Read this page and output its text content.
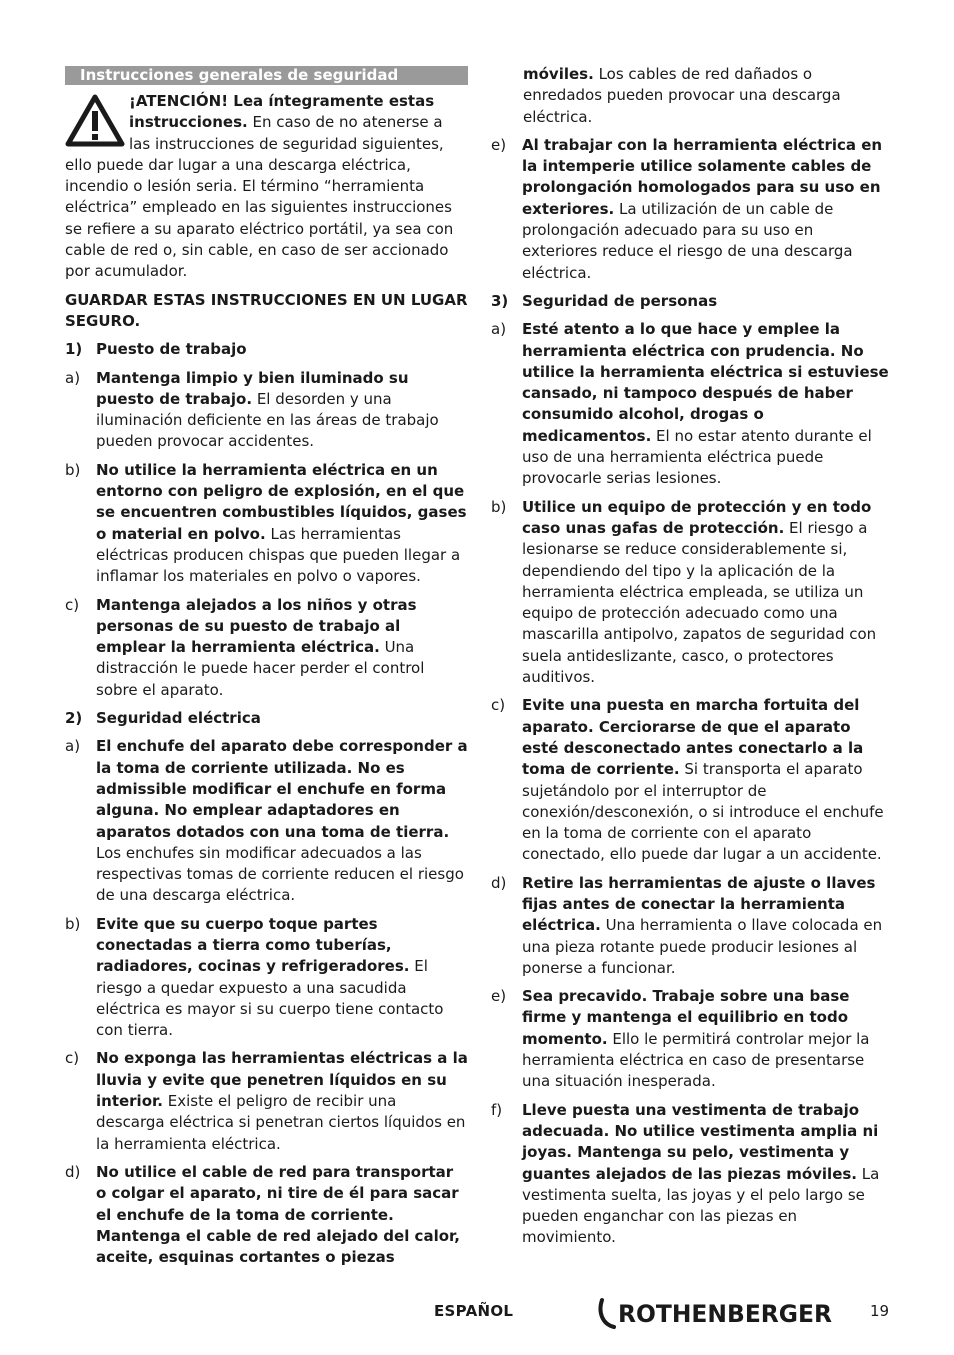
Instrucciones generales de seguridad
¡ATENCIÓN! Lea íntegramente estas instrucciones. En caso de no atenerse a las instrucciones de seguridad siguientes, ello puede dar lugar a una descarga eléctrica, incendio o lesión seria. El término “herramienta eléctrica” empleado en las siguientes instrucciones se refiere a su aparato eléctrico portátil, ya sea con cable de red o, sin cable, en caso de ser accionado por acumulador.
GUARDAR ESTAS INSTRUCCIONES EN UN LUGAR SEGURO.
1) Puesto de trabajo
a)	Mantenga limpio y bien iluminado su puesto de trabajo. El desorden y una iluminación deficiente en las áreas de trabajo pueden provocar accidentes.
b)	No utilice la herramienta eléctrica en un entorno con peligro de explosión, en el que se encuentren combustibles líquidos, gases o material en polvo. Las herramientas eléctricas producen chispas que pueden llegar a inflamar los materiales en polvo o vapores.
c)	Mantenga alejados a los niños y otras personas de su puesto de trabajo al emplear la herramienta eléctrica. Una distracción le puede hacer perder el control sobre el aparato.
2) Seguridad eléctrica
a)	El enchufe del aparato debe corresponder a la toma de corriente utilizada. No es admissible modificar el enchufe en forma alguna. No emplear adaptadores en aparatos dotados con una toma de tierra. Los enchufes sin modificar adecuados a las respectivas tomas de corriente reducen el riesgo de una descarga eléctrica.
b)	Evite que su cuerpo toque partes conectadas a tierra como tuberías, radiadores, cocinas y refrigeradores. El riesgo a quedar expuesto a una sacudida eléctrica es mayor si su cuerpo tiene contacto con tierra.
c)	No exponga las herramientas eléctricas a la lluvia y evite que penetren líquidos en su interior. Existe el peligro de recibir una descarga eléctrica si penetran ciertos líquidos en la herramienta eléctrica.
d)	No utilice el cable de red para transportar o colgar el aparato, ni tire de él para sacar el enchufe de la toma de corriente. Mantenga el cable de red alejado del calor, aceite, esquinas cortantes o piezas
móviles. Los cables de red dañados o enredados pueden provocar una descarga eléctrica.
e)	Al trabajar con la herramienta eléctrica en la intemperie utilice solamente cables de prolongación homologados para su uso en exteriores. La utilización de un cable de prolongación adecuado para su uso en exteriores reduce el riesgo de una descarga eléctrica.
3) Seguridad de personas
a)	Esté atento a lo que hace y emplee la herramienta eléctrica con prudencia. No utilice la herramienta eléctrica si estuviese cansado, ni tampoco después de haber consumido alcohol, drogas o medicamentos. El no estar atento durante el uso de una herramienta eléctrica puede provocarle serias lesiones.
b)	Utilice un equipo de protección y en todo caso unas gafas de protección. El riesgo a lesionarse se reduce considerablemente si, dependiendo del tipo y la aplicación de la herramienta eléctrica empleada, se utiliza un equipo de protección adecuado como una mascarilla antipolvo, zapatos de seguridad con suela antideslizante, casco, o protectores auditivos.
c)	Evite una puesta en marcha fortuita del aparato. Cerciorarse de que el aparato esté desconectado antes conectarlo a la toma de corriente. Si transporta el aparato sujetándolo por el interruptor de conexión/desconexión, o si introduce el enchufe en la toma de corriente con el aparato conectado, ello puede dar lugar a un accidente.
d)	Retire las herramientas de ajuste o llaves fijas antes de conectar la herramienta eléctrica. Una herramienta o llave colocada en una pieza rotante puede producir lesiones al ponerse a funcionar.
e)	Sea precavido. Trabaje sobre una base firme y mantenga el equilibrio en todo momento. Ello le permitirá controlar mejor la herramienta eléctrica en caso de presentarse una situación inesperada.
f)	Lleve puesta una vestimenta de trabajo adecuada. No utilice vestimenta amplia ni joyas. Mantenga su pelo, vestimenta y guantes alejados de las piezas móviles. La vestimenta suelta, las joyas y el pelo largo se pueden enganchar con las piezas en movimiento.
ESPAÑOL	ROTHENBERGER	19
